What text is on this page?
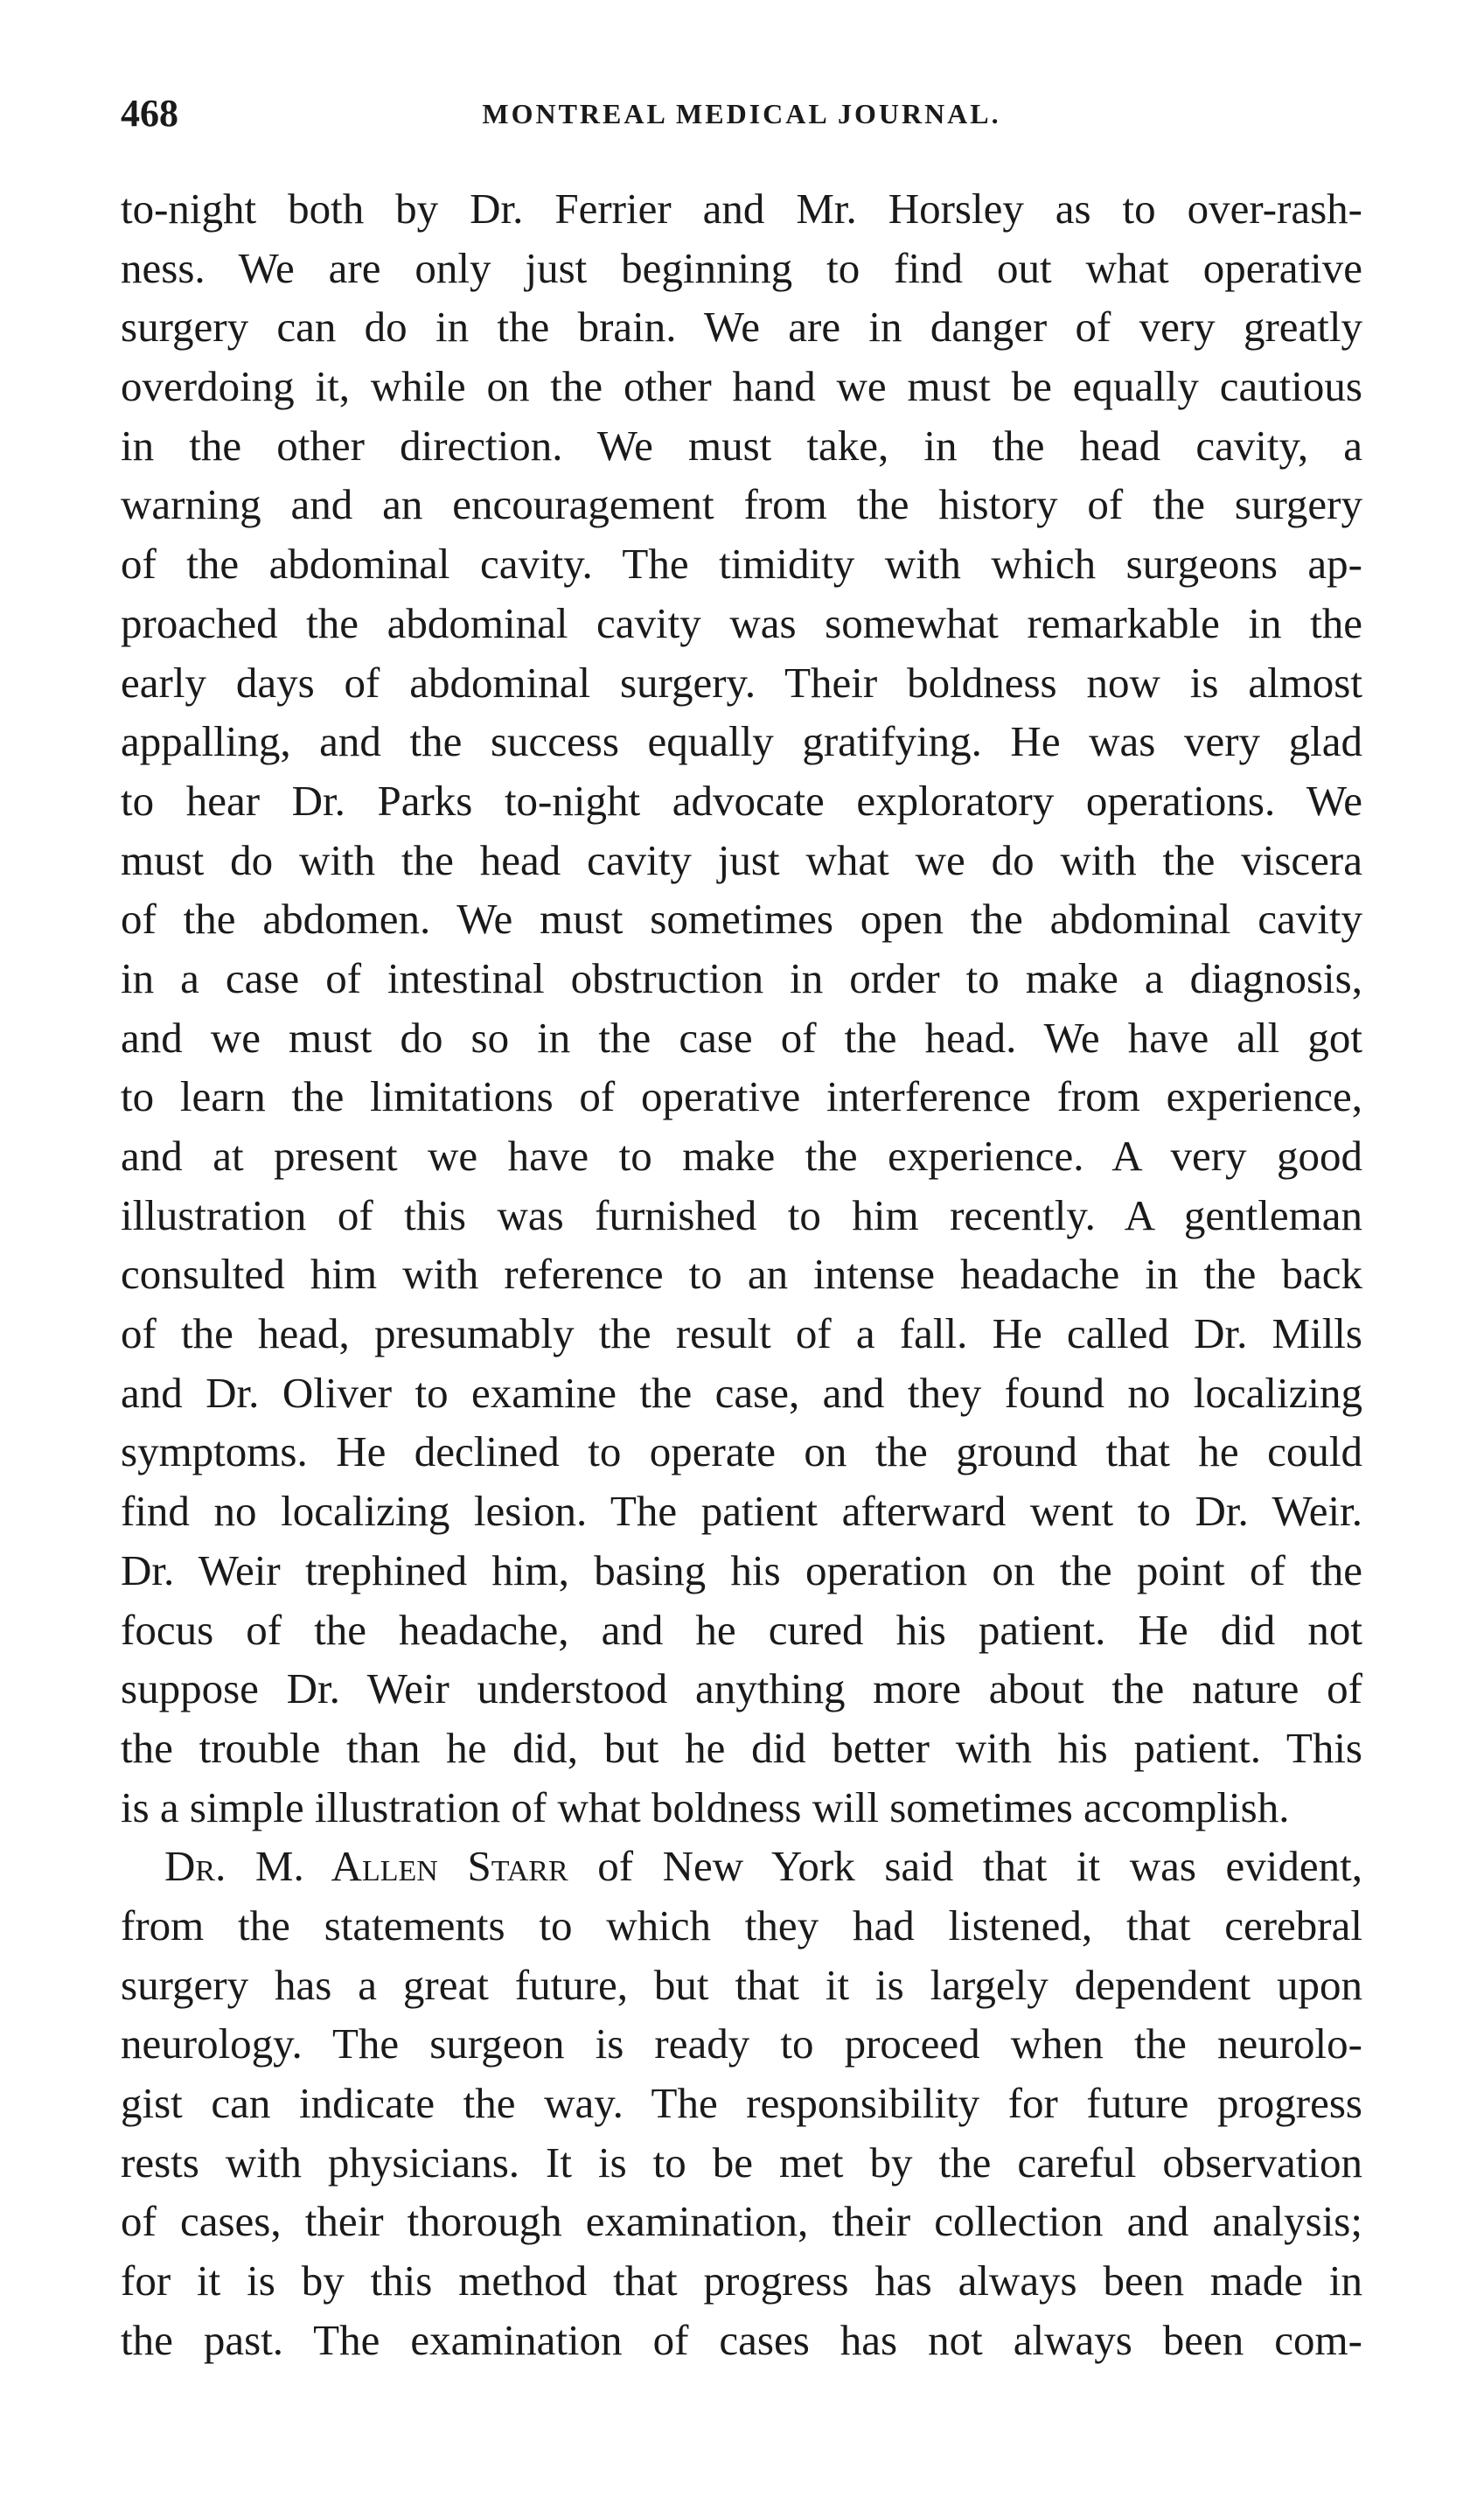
468	MONTREAL MEDICAL JOURNAL.
to-night both by Dr. Ferrier and Mr. Horsley as to over-rash-
ness. We are only just beginning to find out what operative
surgery can do in the brain. We are in danger of very greatly
overdoing it, while on the other hand we must be equally cautious
in the other direction. We must take, in the head cavity, a
warning and an encouragement from the history of the surgery
of the abdominal cavity. The timidity with which surgeons ap-
proached the abdominal cavity was somewhat remarkable in the
early days of abdominal surgery. Their boldness now is almost
appalling, and the success equally gratifying. He was very glad
to hear Dr. Parks to-night advocate exploratory operations. We
must do with the head cavity just what we do with the viscera
of the abdomen. We must sometimes open the abdominal cavity
in a case of intestinal obstruction in order to make a diagnosis,
and we must do so in the case of the head. We have all got
to learn the limitations of operative interference from experience,
and at present we have to make the experience. A very good
illustration of this was furnished to him recently. A gentleman
consulted him with reference to an intense headache in the back
of the head, presumably the result of a fall. He called Dr. Mills
and Dr. Oliver to examine the case, and they found no localizing
symptoms. He declined to operate on the ground that he could
find no localizing lesion. The patient afterward went to Dr. Weir.
Dr. Weir trephined him, basing his operation on the point of the
focus of the headache, and he cured his patient. He did not
suppose Dr. Weir understood anything more about the nature of
the trouble than he did, but he did better with his patient. This
is a simple illustration of what boldness will sometimes accomplish.
Dr. M. Allen Starr of New York said that it was evident,
from the statements to which they had listened, that cerebral
surgery has a great future, but that it is largely dependent upon
neurology. The surgeon is ready to proceed when the neurolo-
gist can indicate the way. The responsibility for future progress
rests with physicians. It is to be met by the careful observation
of cases, their thorough examination, their collection and analysis;
for it is by this method that progress has always been made in
the past. The examination of cases has not always been com-
